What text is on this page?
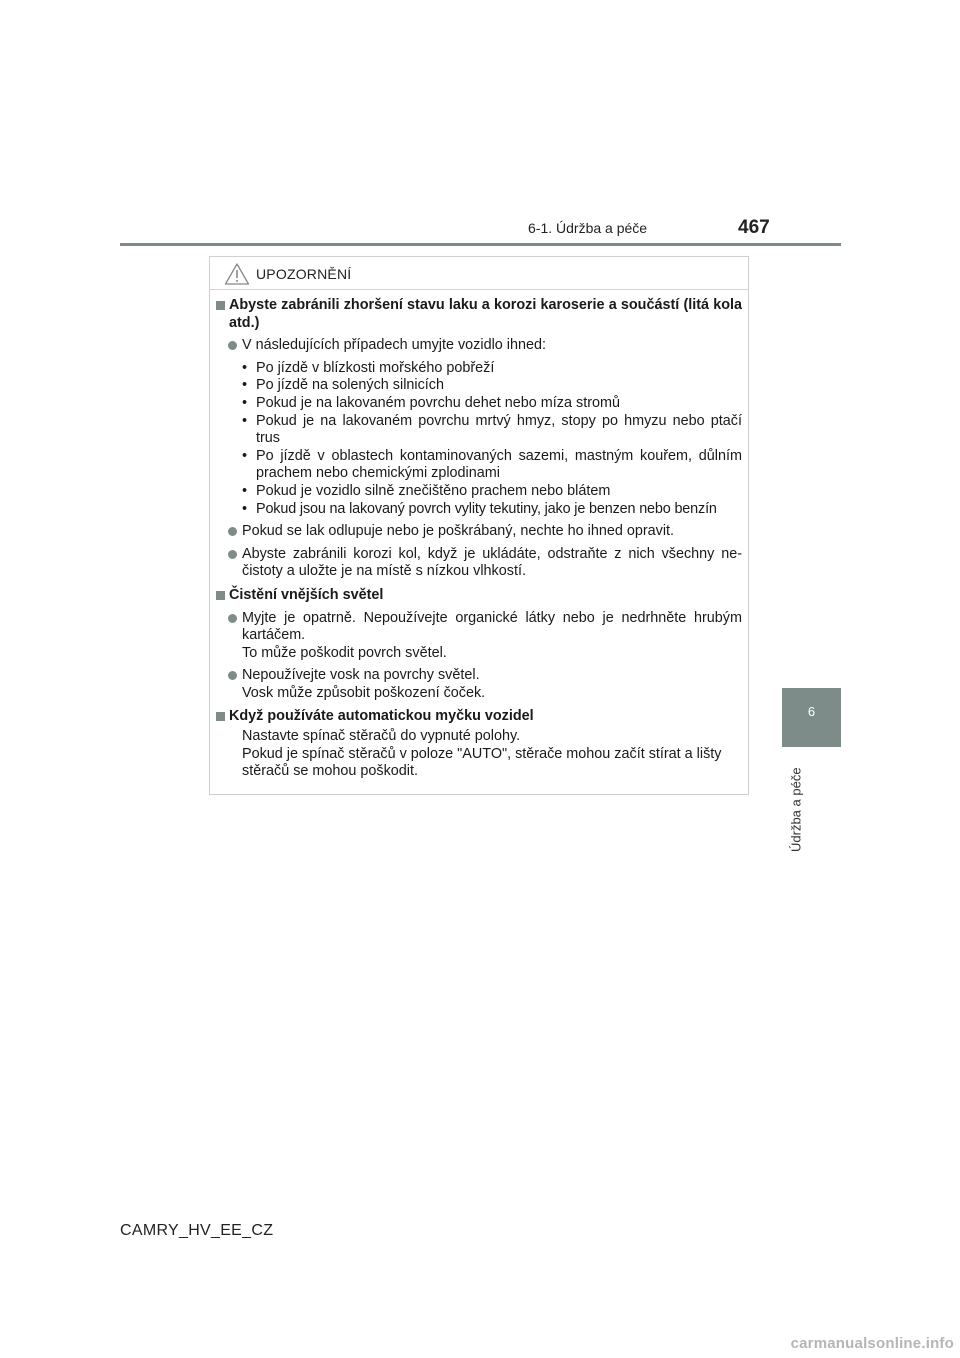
6-1. Údržba a péče	467
6
Údržba a péče
UPOZORNĚNÍ
Abyste zabránili zhoršení stavu laku a korozi karoserie a součástí (litá kola atd.)
V následujících případech umyjte vozidlo ihned:
• Po jízdě v blízkosti mořského pobřeží
• Po jízdě na solených silnicích
• Pokud je na lakovaném povrchu dehet nebo míza stromů
• Pokud je na lakovaném povrchu mrtvý hmyz, stopy po hmyzu nebo ptačí trus
• Po jízdě v oblastech kontaminovaných sazemi, mastným kouřem, důlním prachem nebo chemickými zplodinami
• Pokud je vozidlo silně znečištěno prachem nebo blátem
• Pokud jsou na lakovaný povrch vylity tekutiny, jako je benzen nebo benzín
Pokud se lak odlupuje nebo je poškrábaný, nechte ho ihned opravit.
Abyste zabránili korozi kol, když je ukládáte, odstraňte z nich všechny ne-čistoty a uložte je na místě s nízkou vlhkostí.
Čistění vnějších světel
Myjte je opatrně. Nepoužívejte organické látky nebo je nedrhněte hrubým kartáčem.
To může poškodit povrch světel.
Nepoužívejte vosk na povrchy světel.
Vosk může způsobit poškození čoček.
Když používáte automatickou myčku vozidel
Nastavte spínač stěračů do vypnuté polohy.
Pokud je spínač stěračů v poloze "AUTO", stěrače mohou začít stírat a lišty stěračů se mohou poškodit.
CAMRY_HV_EE_CZ
carmanualsonline.info
